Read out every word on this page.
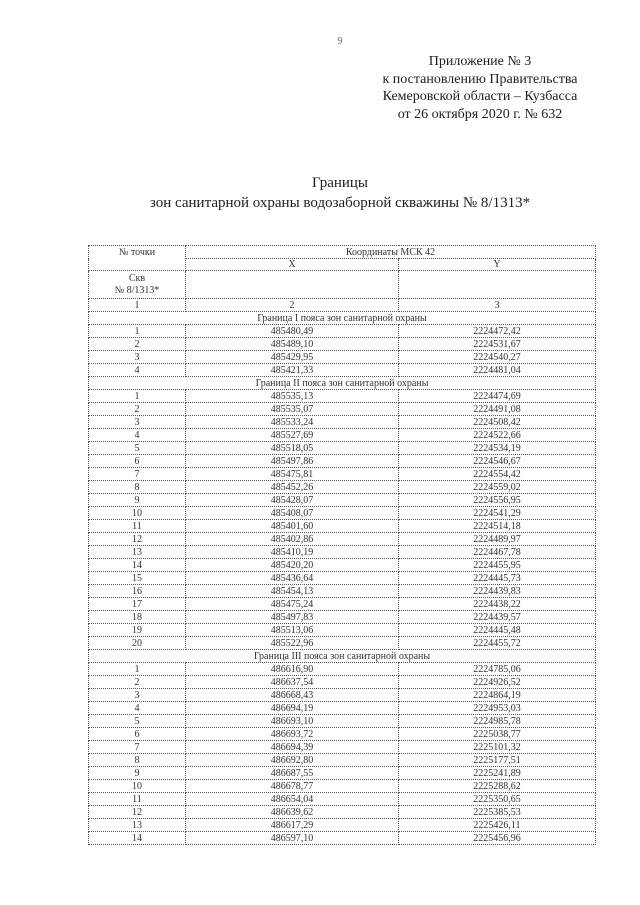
9
Приложение № 3
к постановлению Правительства
Кемеровской области – Кузбасса
от 26 октября 2020 г. № 632
Границы
зон санитарной охраны водозаборной скважины № 8/1313*
№ точки	Координаты МСК 42	
	X	Y

Скв
№ 8/1313*		

1	2	3
Граница I пояса зон санитарной охраны		
1	485480,49	2224472,42
2	485489,10	2224531,67
3	485429,95	2224540,27
4	485421,33	2224481,04
Граница II пояса зон санитарной охраны		
1	485535,13	2224474,69
2	485535,07	2224491,08
3	485533,24	2224508,42
4	485527,69	2224522,66
5	485518,05	2224534,19
6	485497,86	2224546,67
7	485475,81	2224554,42
8	485452,26	2224559,02
9	485428,07	2224556,95
10	485408,07	2224541,29
11	485401,60	2224514,18
12	485402,86	2224489,97
13	485410,19	2224467,78
14	485420,20	2224455,95
15	485436,64	2224445,73
16	485454,13	2224439,83
17	485475,24	2224438,22
18	485497,83	2224439,57
19	485513,06	2224445,48
20	485522,96	2224455,72
Граница III пояса зон санитарной охраны		
1	486616,90	2224785,06
2	486637,54	2224926,52
3	486668,43	2224864,19
4	486694,19	2224953,03
5	486693,10	2224985,78
6	486693,72	2225038,77
7	486694,39	2225101,32
8	486692,80	2225177,51
9	486687,55	2225241,89
10	486678,77	2225288,62
11	486654,04	2225350,65
12	486639,62	2225385,53
13	486617,29	2225426,11
14	486597,10	2225456,96
